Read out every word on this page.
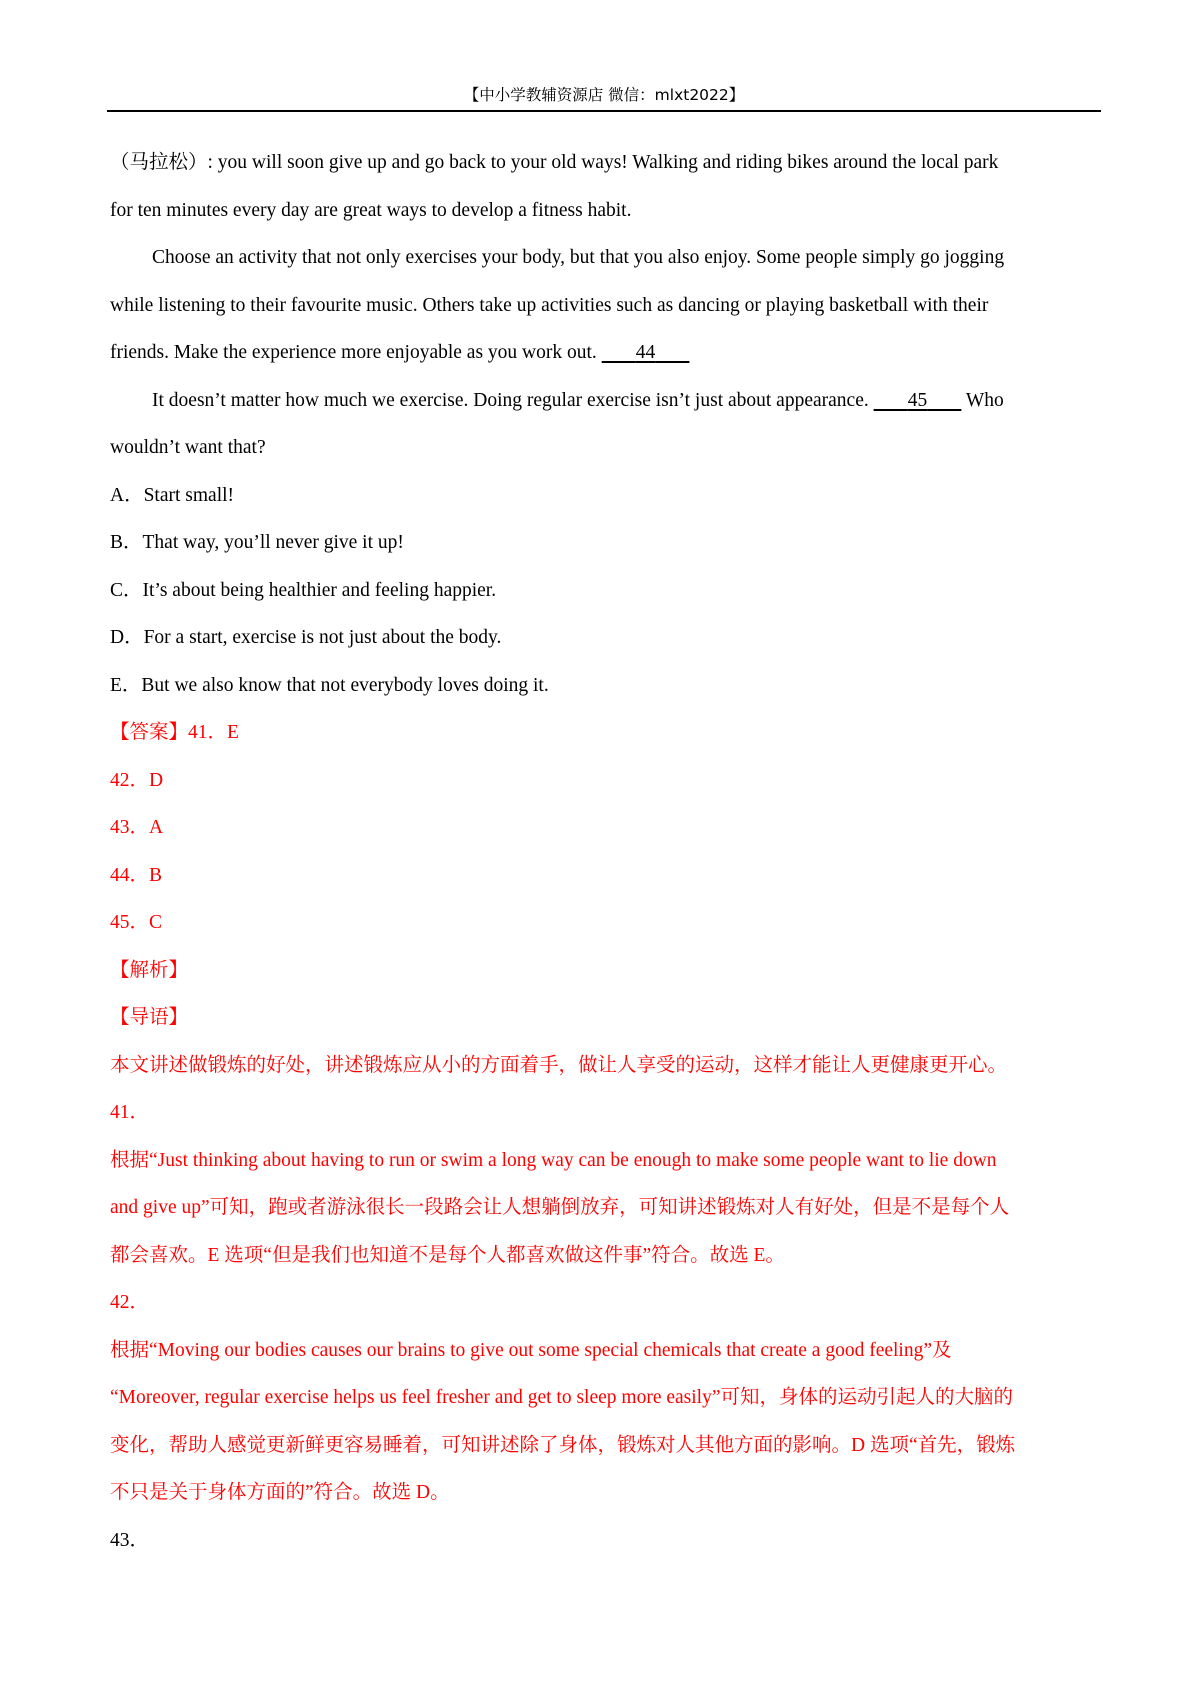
【中小学教辅资源店 微信：mlxt2022】
（马拉松）: you will soon give up and go back to your old ways! Walking and riding bikes around the local park
for ten minutes every day are great ways to develop a fitness habit.
Choose an activity that not only exercises your body, but that you also enjoy. Some people simply go jogging
while listening to their favourite music. Others take up activities such as dancing or playing basketball with their
friends. Make the experience more enjoyable as you work out.        44
It doesn’t matter how much we exercise. Doing regular exercise isn’t just about appearance.        45        Who
wouldn’t want that?
A．Start small!
B．That way, you’ll never give it up!
C．It’s about being healthier and feeling happier.
D．For a start, exercise is not just about the body.
E．But we also know that not everybody loves doing it.
【答案】41．E
42．D
43．A
44．B
45．C
【解析】
【导语】
本文讲述做锻炼的好处，讲述锻炼应从小的方面着手，做让人享受的运动，这样才能让人更健康更开心。
41．
根据“Just thinking about having to run or swim a long way can be enough to make some people want to lie down
and give up”可知，跑或者游泳很长一段路会让人想躺倒放弃，可知讲述锻炼对人有好处，但是不是每个人
都会喜欢。E 选项“但是我们也知道不是每个人都喜欢做这件事”符合。故选 E。
42．
根据“Moving our bodies causes our brains to give out some special chemicals that create a good feeling”及
“Moreover, regular exercise helps us feel fresher and get to sleep more easily”可知，身体的运动引起人的大脑的
变化，帮助人感觉更新鲜更容易睡着，可知讲述除了身体，锻炼对人其他方面的影响。D 选项“首先，锻炼
不只是关于身体方面的”符合。故选 D。
43．
